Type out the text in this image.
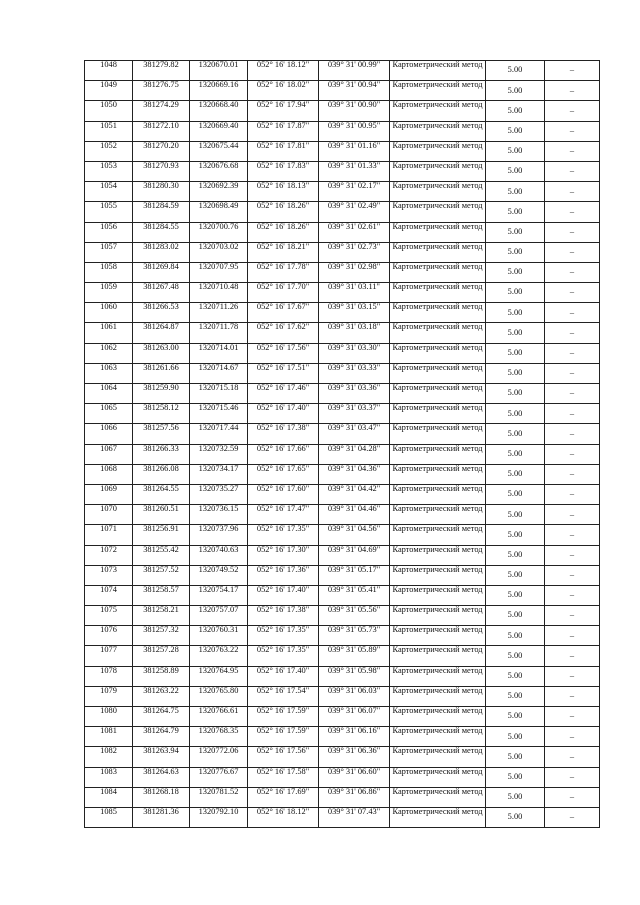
1048	381279.82	1320670.01	052° 16' 18.12"	039° 31' 00.99"	Картометрический метод	5.00	–
1049	381276.75	1320669.16	052° 16' 18.02"	039° 31' 00.94"	Картометрический метод	5.00	–
1050	381274.29	1320668.40	052° 16' 17.94"	039° 31' 00.90"	Картометрический метод	5.00	–
1051	381272.10	1320669.40	052° 16' 17.87"	039° 31' 00.95"	Картометрический метод	5.00	–
1052	381270.20	1320675.44	052° 16' 17.81"	039° 31' 01.16"	Картометрический метод	5.00	–
1053	381270.93	1320676.68	052° 16' 17.83"	039° 31' 01.33"	Картометрический метод	5.00	–
1054	381280.30	1320692.39	052° 16' 18.13"	039° 31' 02.17"	Картометрический метод	5.00	–
1055	381284.59	1320698.49	052° 16' 18.26"	039° 31' 02.49"	Картометрический метод	5.00	–
1056	381284.55	1320700.76	052° 16' 18.26"	039° 31' 02.61"	Картометрический метод	5.00	–
1057	381283.02	1320703.02	052° 16' 18.21"	039° 31' 02.73"	Картометрический метод	5.00	–
1058	381269.84	1320707.95	052° 16' 17.78"	039° 31' 02.98"	Картометрический метод	5.00	–
1059	381267.48	1320710.48	052° 16' 17.70"	039° 31' 03.11"	Картометрический метод	5.00	–
1060	381266.53	1320711.26	052° 16' 17.67"	039° 31' 03.15"	Картометрический метод	5.00	–
1061	381264.87	1320711.78	052° 16' 17.62"	039° 31' 03.18"	Картометрический метод	5.00	–
1062	381263.00	1320714.01	052° 16' 17.56"	039° 31' 03.30"	Картометрический метод	5.00	–
1063	381261.66	1320714.67	052° 16' 17.51"	039° 31' 03.33"	Картометрический метод	5.00	–
1064	381259.90	1320715.18	052° 16' 17.46"	039° 31' 03.36"	Картометрический метод	5.00	–
1065	381258.12	1320715.46	052° 16' 17.40"	039° 31' 03.37"	Картометрический метод	5.00	–
1066	381257.56	1320717.44	052° 16' 17.38"	039° 31' 03.47"	Картометрический метод	5.00	–
1067	381266.33	1320732.59	052° 16' 17.66"	039° 31' 04.28"	Картометрический метод	5.00	–
1068	381266.08	1320734.17	052° 16' 17.65"	039° 31' 04.36"	Картометрический метод	5.00	–
1069	381264.55	1320735.27	052° 16' 17.60"	039° 31' 04.42"	Картометрический метод	5.00	–
1070	381260.51	1320736.15	052° 16' 17.47"	039° 31' 04.46"	Картометрический метод	5.00	–
1071	381256.91	1320737.96	052° 16' 17.35"	039° 31' 04.56"	Картометрический метод	5.00	–
1072	381255.42	1320740.63	052° 16' 17.30"	039° 31' 04.69"	Картометрический метод	5.00	–
1073	381257.52	1320749.52	052° 16' 17.36"	039° 31' 05.17"	Картометрический метод	5.00	–
1074	381258.57	1320754.17	052° 16' 17.40"	039° 31' 05.41"	Картометрический метод	5.00	–
1075	381258.21	1320757.07	052° 16' 17.38"	039° 31' 05.56"	Картометрический метод	5.00	–
1076	381257.32	1320760.31	052° 16' 17.35"	039° 31' 05.73"	Картометрический метод	5.00	–
1077	381257.28	1320763.22	052° 16' 17.35"	039° 31' 05.89"	Картометрический метод	5.00	–
1078	381258.89	1320764.95	052° 16' 17.40"	039° 31' 05.98"	Картометрический метод	5.00	–
1079	381263.22	1320765.80	052° 16' 17.54"	039° 31' 06.03"	Картометрический метод	5.00	–
1080	381264.75	1320766.61	052° 16' 17.59"	039° 31' 06.07"	Картометрический метод	5.00	–
1081	381264.79	1320768.35	052° 16' 17.59"	039° 31' 06.16"	Картометрический метод	5.00	–
1082	381263.94	1320772.06	052° 16' 17.56"	039° 31' 06.36"	Картометрический метод	5.00	–
1083	381264.63	1320776.67	052° 16' 17.58"	039° 31' 06.60"	Картометрический метод	5.00	–
1084	381268.18	1320781.52	052° 16' 17.69"	039° 31' 06.86"	Картометрический метод	5.00	–
1085	381281.36	1320792.10	052° 16' 18.12"	039° 31' 07.43"	Картометрический метод	5.00	–
